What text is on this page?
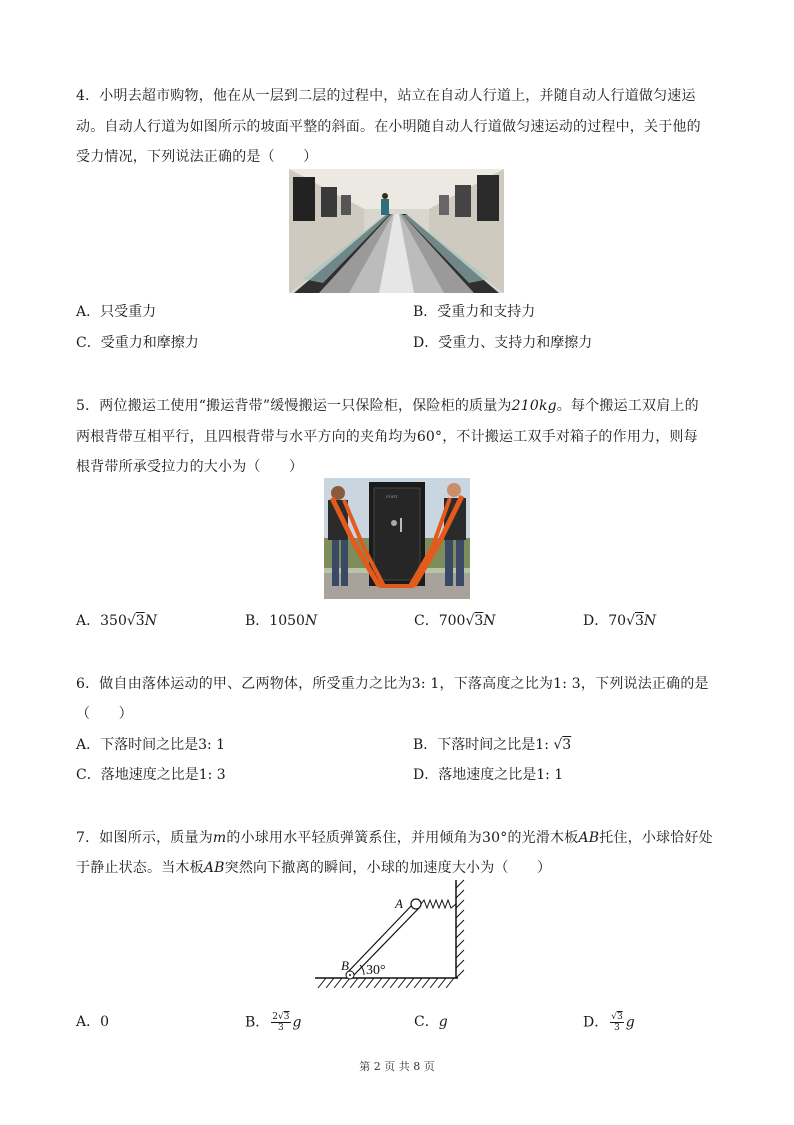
4．小明去超市购物，他在从一层到二层的过程中，站立在自动人行道上，并随自动人行道做匀速运
动。自动人行道为如图所示的坡面平整的斜面。在小明随自动人行道做匀速运动的过程中，关于他的
受力情况，下列说法正确的是（　　）
A．只受重力	B．受重力和支持力
C．受重力和摩擦力	D．受重力、支持力和摩擦力
5．两位搬运工使用“搬运背带”缓慢搬运一只保险柜，保险柜的质量为210kg。每个搬运工双肩上的
两根背带互相平行，且四根背带与水平方向的夹角均为60°，不计搬运工双手对箱子的作用力，则每
根背带所承受拉力的大小为（　　）
FORT
A．350√3N	B．1050N	C．700√3N	D．70√3N
6．做自由落体运动的甲、乙两物体，所受重力之比为3: 1，下落高度之比为1: 3，下列说法正确的是
（　　）
A．下落时间之比是3: 1	B．下落时间之比是1: √3
C．落地速度之比是1: 3	D．落地速度之比是1: 1
7．如图所示，质量为m的小球用水平轻质弹簧系住，并用倾角为30°的光滑木板AB托住，小球恰好处
于静止状态。当木板AB突然向下撤离的瞬间，小球的加速度大小为（　　）
A
B 30°
A．0	B． $\frac{2√3}{3}$ g	C．g	D． $\frac{√3}{3}$ g
第 2 页 共 8 页
